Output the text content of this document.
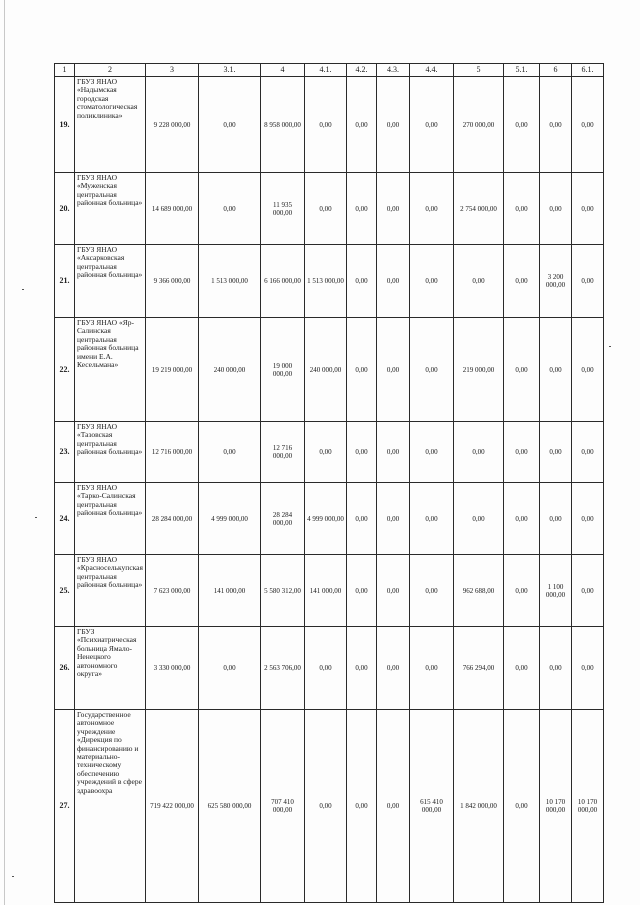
1	2	3	3.1.	4	4.1.	4.2.	4.3.	4.4.	5	5.1.	6	6.1.
19.	ГБУЗ ЯНАО «Надымская городская стоматологическая поликлиника»	9 228 000,00	0,00	8 958 000,00	0,00	0,00	0,00	0,00	270 000,00	0,00	0,00	0,00
20.	ГБУЗ ЯНАО «Муженская центральная районная больница»	14 689 000,00	0,00	11 935 000,00	0,00	0,00	0,00	0,00	2 754 000,00	0,00	0,00	0,00
21.	ГБУЗ ЯНАО «Аксарковская центральная районная больница»	9 366 000,00	1 513 000,00	6 166 000,00	1 513 000,00	0,00	0,00	0,00	0,00	0,00	3 200 000,00	0,00
22.	ГБУЗ ЯНАО «Яр-Салинская центральная районная больница имени Е.А. Кесельмана»	19 219 000,00	240 000,00	19 000 000,00	240 000,00	0,00	0,00	0,00	219 000,00	0,00	0,00	0,00
23.	ГБУЗ ЯНАО «Тазовская центральная районная больница»	12 716 000,00	0,00	12 716 000,00	0,00	0,00	0,00	0,00	0,00	0,00	0,00	0,00
24.	ГБУЗ ЯНАО «Тарко-Салинская центральная районная больница»	28 284 000,00	4 999 000,00	28 284 000,00	4 999 000,00	0,00	0,00	0,00	0,00	0,00	0,00	0,00
25.	ГБУЗ ЯНАО «Красноселькупская центральная районная больница»	7 623 000,00	141 000,00	5 580 312,00	141 000,00	0,00	0,00	0,00	962 688,00	0,00	1 100 000,00	0,00
26.	ГБУЗ «Психиатрическая больница Ямало-Ненецкого автономного округа»	3 330 000,00	0,00	2 563 706,00	0,00	0,00	0,00	0,00	766 294,00	0,00	0,00	0,00
27.	Государственное автономное учреждение «Дирекция по финансированию и материально-техническому обеспечению учреждений в сфере здравоохра	719 422 000,00	625 580 000,00	707 410 000,00	0,00	0,00	0,00	615 410 000,00	1 842 000,00	0,00	10 170 000,00	10 170 000,00
